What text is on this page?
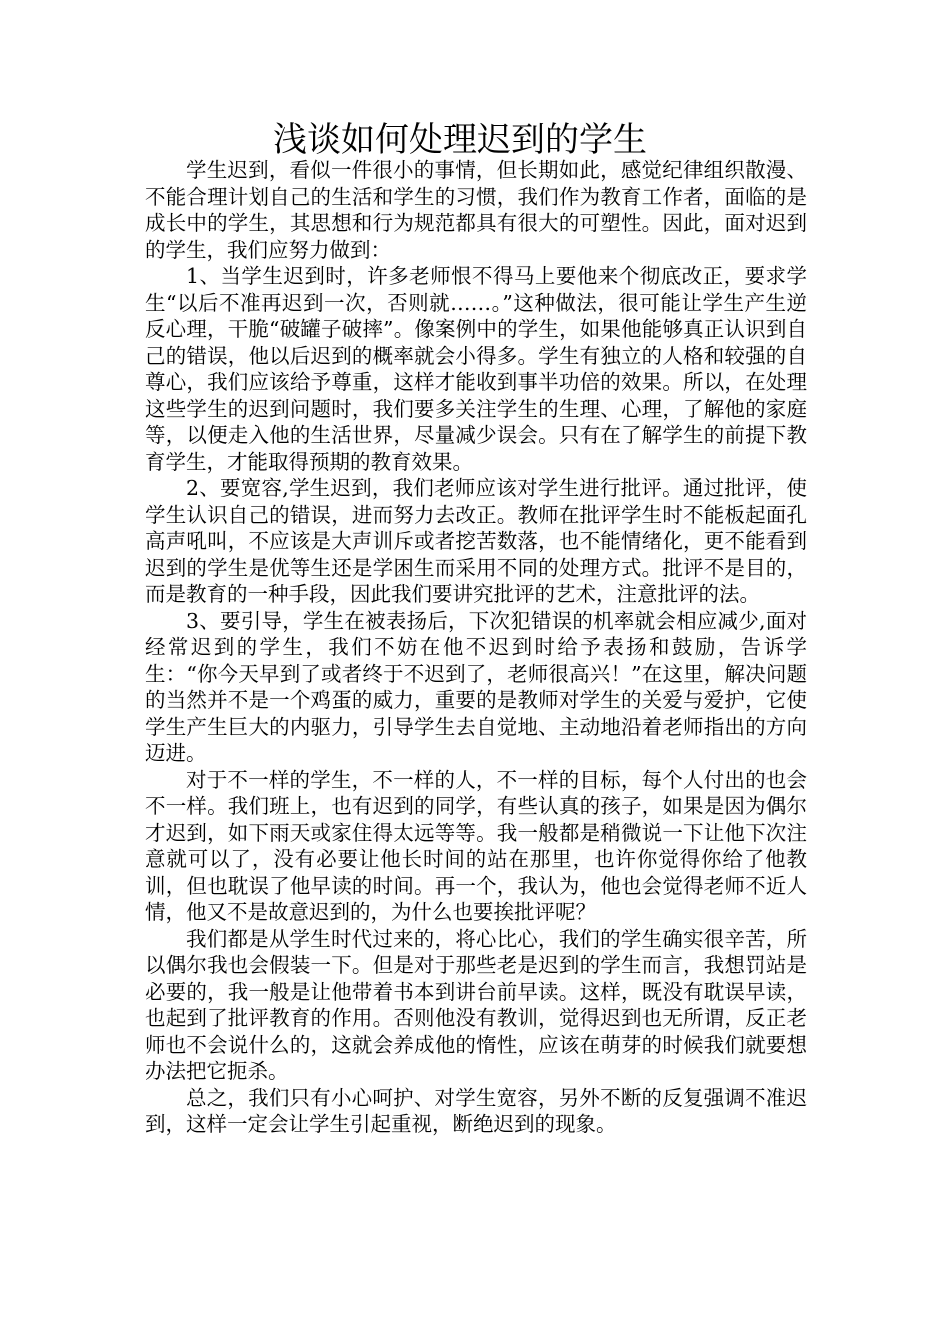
浅谈如何处理迟到的学生

学生迟到，看似一件很小的事情，但长期如此，感觉纪律组织散漫、不能合理计划自己的生活和学生的习惯，我们作为教育工作者，面临的是成长中的学生，其思想和行为规范都具有很大的可塑性。因此，面对迟到的学生，我们应努力做到：

1、当学生迟到时，许多老师恨不得马上要他来个彻底改正，要求学生“以后不准再迟到一次，否则就……。”这种做法，很可能让学生产生逆反心理，干脆“破罐子破摔”。像案例中的学生，如果他能够真正认识到自己的错误，他以后迟到的概率就会小得多。学生有独立的人格和较强的自尊心，我们应该给予尊重，这样才能收到事半功倍的效果。所以，在处理这些学生的迟到问题时，我们要多关注学生的生理、心理，了解他的家庭等，以便走入他的生活世界，尽量减少误会。只有在了解学生的前提下教育学生，才能取得预期的教育效果。

2、要宽容,学生迟到，我们老师应该对学生进行批评。通过批评，使学生认识自己的错误，进而努力去改正。教师在批评学生时不能板起面孔高声吼叫，不应该是大声训斥或者挖苦数落，也不能情绪化，更不能看到迟到的学生是优等生还是学困生而采用不同的处理方式。批评不是目的，而是教育的一种手段，因此我们要讲究批评的艺术，注意批评的法。

3、要引导，学生在被表扬后，下次犯错误的机率就会相应减少,面对经常迟到的学生，我们不妨在他不迟到时给予表扬和鼓励，告诉学生：“你今天早到了或者终于不迟到了，老师很高兴！”在这里，解决问题的当然并不是一个鸡蛋的威力，重要的是教师对学生的关爱与爱护，它使学生产生巨大的内驱力，引导学生去自觉地、主动地沿着老师指出的方向迈进。

对于不一样的学生，不一样的人，不一样的目标，每个人付出的也会不一样。我们班上，也有迟到的同学，有些认真的孩子，如果是因为偶尔才迟到，如下雨天或家住得太远等等。我一般都是稍微说一下让他下次注意就可以了，没有必要让他长时间的站在那里，也许你觉得你给了他教训，但也耽误了他早读的时间。再一个，我认为，他也会觉得老师不近人情，他又不是故意迟到的，为什么也要挨批评呢？

我们都是从学生时代过来的，将心比心，我们的学生确实很辛苦，所以偶尔我也会假装一下。但是对于那些老是迟到的学生而言，我想罚站是必要的，我一般是让他带着书本到讲台前早读。这样，既没有耽误早读，也起到了批评教育的作用。否则他没有教训，觉得迟到也无所谓，反正老师也不会说什么的，这就会养成他的惰性，应该在萌芽的时候我们就要想办法把它扼杀。

总之，我们只有小心呵护、对学生宽容，另外不断的反复强调不准迟到，这样一定会让学生引起重视，断绝迟到的现象。
